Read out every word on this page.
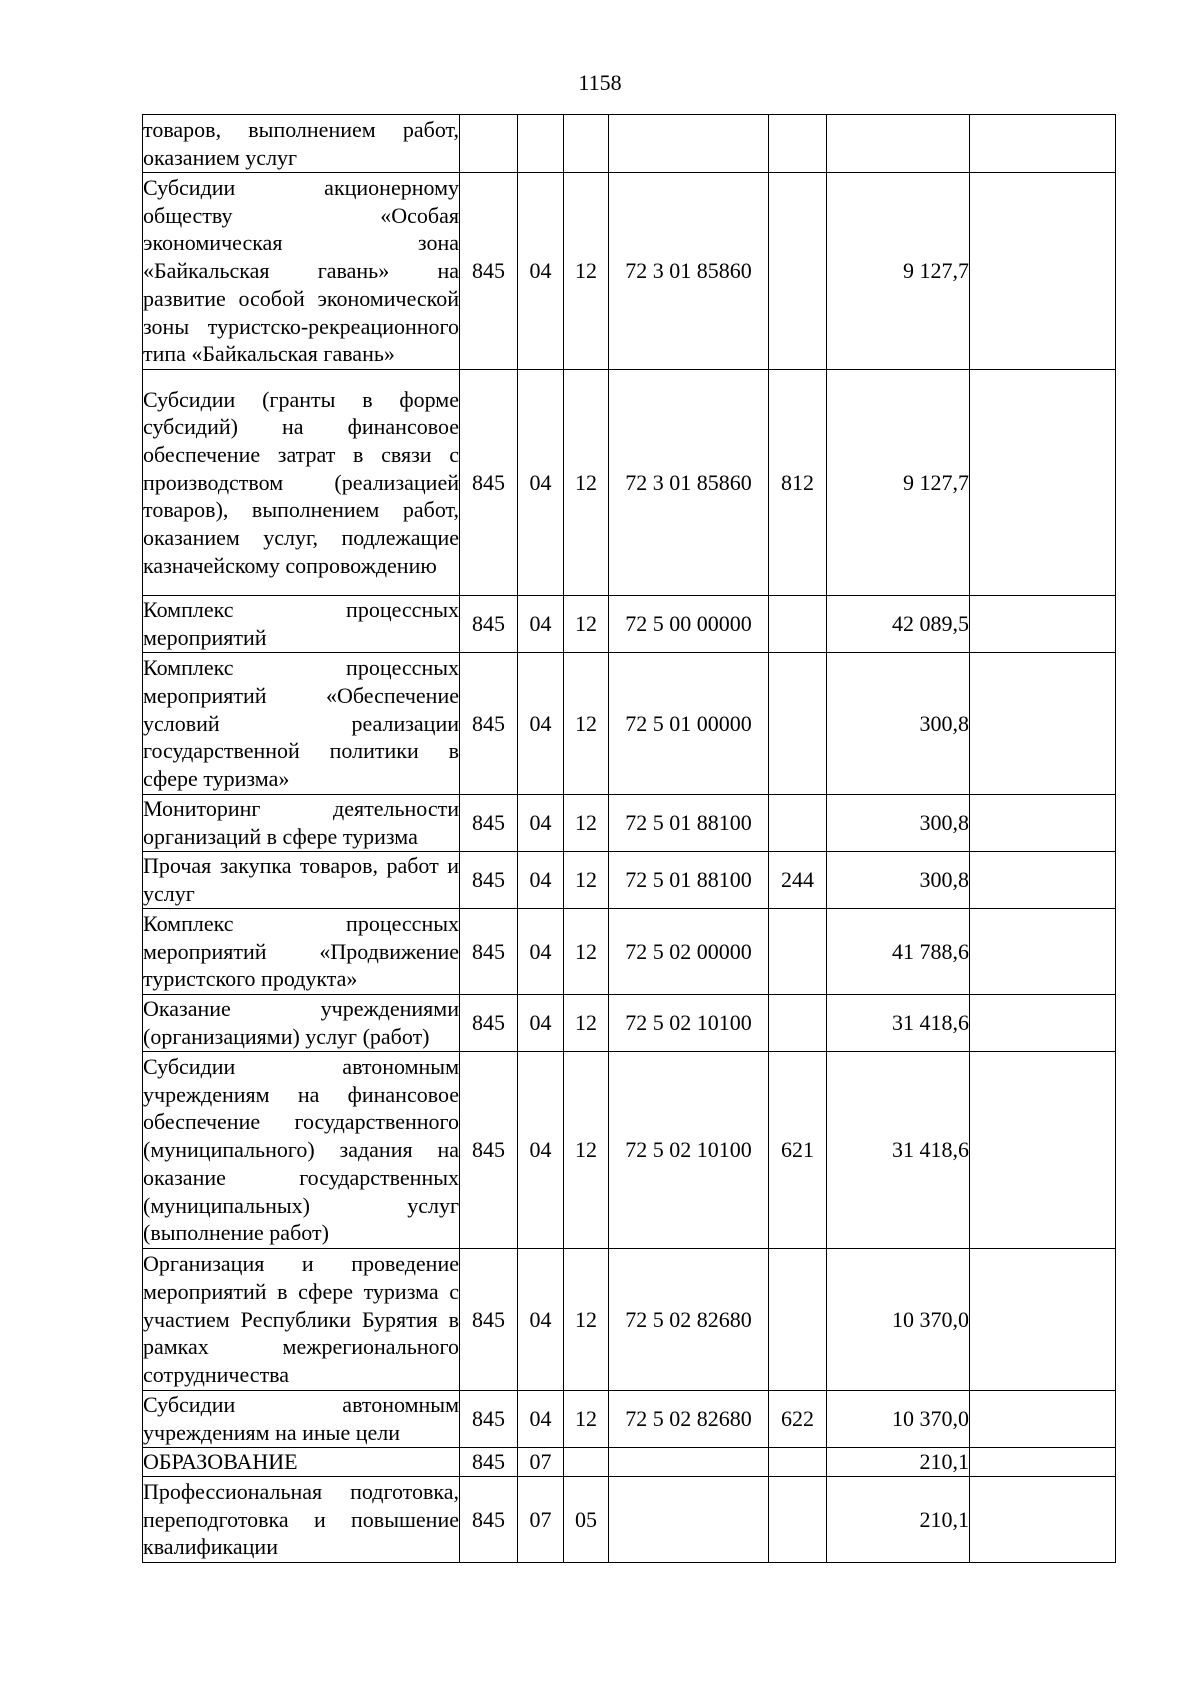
1158
товаров, выполнением работ, оказанием услуг							
Субсидии акционерному обществу «Особая экономическая зона «Байкальская гавань» на развитие особой экономической зоны туристско-рекреационного типа «Байкальская гавань»	845	04	12	72 3 01 85860		9 127,7	
Субсидии (гранты в форме субсидий) на финансовое обеспечение затрат в связи с производством (реализацией товаров), выполнением работ, оказанием услуг, подлежащие казначейскому сопровождению	845	04	12	72 3 01 85860	812	9 127,7	
Комплекс процессных мероприятий	845	04	12	72 5 00 00000		42 089,5	
Комплекс процессных мероприятий «Обеспечение условий реализации государственной политики в сфере туризма»	845	04	12	72 5 01 00000		300,8	
Мониторинг деятельности организаций в сфере туризма	845	04	12	72 5 01 88100		300,8	
Прочая закупка товаров, работ и услуг	845	04	12	72 5 01 88100	244	300,8	
Комплекс процессных мероприятий «Продвижение туристского продукта»	845	04	12	72 5 02 00000		41 788,6	
Оказание учреждениями (организациями) услуг (работ)	845	04	12	72 5 02 10100		31 418,6	
Субсидии автономным учреждениям на финансовое обеспечение государственного (муниципального) задания на оказание государственных (муниципальных) услуг (выполнение работ)	845	04	12	72 5 02 10100	621	31 418,6	
Организация и проведение мероприятий в сфере туризма с участием Республики Бурятия в рамках межрегионального сотрудничества	845	04	12	72 5 02 82680		10 370,0	
Субсидии автономным учреждениям на иные цели	845	04	12	72 5 02 82680	622	10 370,0	
ОБРАЗОВАНИЕ	845	07				210,1	
Профессиональная подготовка, переподготовка и повышение квалификации	845	07	05			210,1	
